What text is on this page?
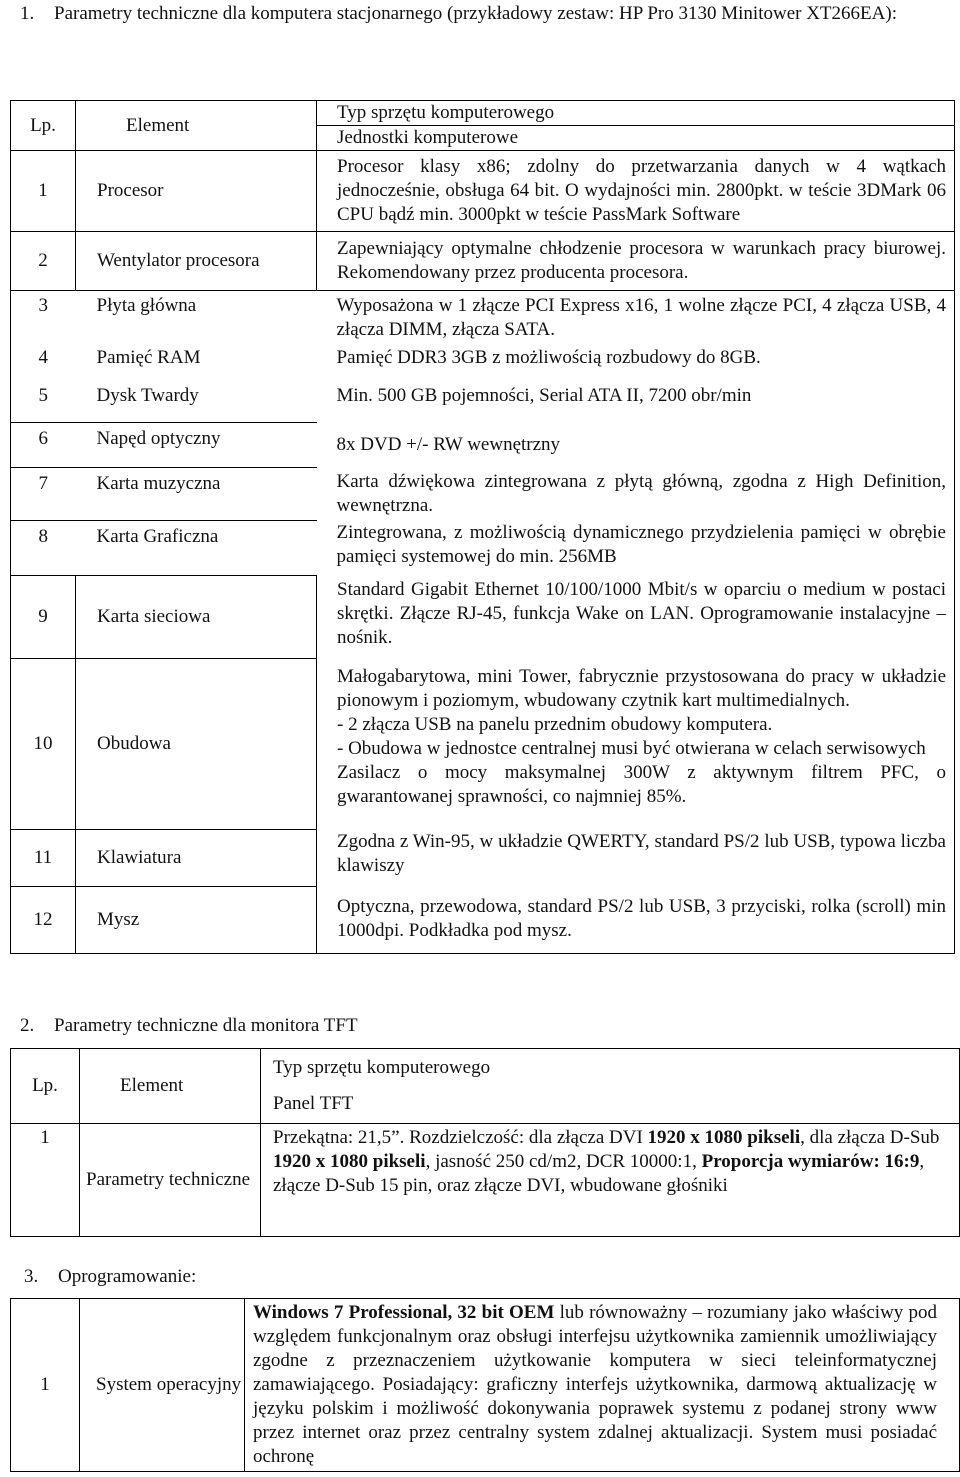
1. Parametry techniczne dla komputera stacjonarnego (przykładowy zestaw: HP Pro 3130 Minitower XT266EA):
Lp.	Element	Typ sprzętu komputerowego
		Jednostki komputerowe
1	Procesor	Procesor klasy x86; zdolny do przetwarzania danych w 4 wątkach jednocześnie, obsługa 64 bit. O wydajności min. 2800pkt. w teście 3DMark 06 CPU bądź min. 3000pkt w teście PassMark Software
2	Wentylator procesora	Zapewniający optymalne chłodzenie procesora w warunkach pracy biurowej. Rekomendowany przez producenta procesora.
3	Płyta główna	Wyposażona w 1 złącze PCI Express x16, 1 wolne złącze PCI, 4 złącza USB, 4 złącza DIMM, złącza SATA.
4	Pamięć RAM	Pamięć DDR3 3GB z możliwością rozbudowy do 8GB.
5	Dysk Twardy	Min. 500 GB pojemności, Serial ATA II, 7200 obr/min
6	Napęd optyczny	8x DVD +/- RW wewnętrzny
7	Karta muzyczna	Karta dźwiękowa zintegrowana z płytą główną, zgodna z High Definition, wewnętrzna.
8	Karta Graficzna	Zintegrowana, z możliwością dynamicznego przydzielenia pamięci w obrębie pamięci systemowej do min. 256MB
9	Karta sieciowa	Standard Gigabit Ethernet 10/100/1000 Mbit/s w oparciu o medium w postaci skrętki. Złącze RJ-45, funkcja Wake on LAN. Oprogramowanie instalacyjne – nośnik.
10	Obudowa	Małogabarytowa, mini Tower, fabrycznie przystosowana do pracy w układzie pionowym i poziomym, wbudowany czytnik kart multimedialnych.
- 2 złącza USB na panelu przednim obudowy komputera.
- Obudowa w jednostce centralnej musi być otwierana w celach serwisowych
Zasilacz o mocy maksymalnej 300W z aktywnym filtrem PFC, o gwarantowanej sprawności, co najmniej 85%.

11	Klawiatura	Zgodna z Win-95, w układzie QWERTY, standard PS/2 lub USB, typowa liczba klawiszy
12	Mysz	Optyczna, przewodowa, standard PS/2 lub USB, 3 przyciski, rolka (scroll) min 1000dpi. Podkładka pod mysz.
2. Parametry techniczne dla monitora TFT
Lp.	Element	Typ sprzętu komputerowego
		Panel TFT
1	Parametry techniczne	Przekątna: 21,5”. Rozdzielczość: dla złącza DVI 1920 x 1080 pikseli, dla złącza D-Sub 1920 x 1080 pikseli, jasność 250 cd/m2, DCR 10000:1, Proporcja wymiarów: 16:9, złącze D-Sub 15 pin, oraz złącze DVI, wbudowane głośniki
3. Oprogramowanie:
1	System operacyjny	Windows 7 Professional, 32 bit OEM lub równoważny – rozumiany jako właściwy pod względem funkcjonalnym oraz obsługi interfejsu użytkownika zamiennik umożliwiający zgodne z przeznaczeniem użytkowanie komputera w sieci teleinformatycznej zamawiającego. Posiadający: graficzny interfejs użytkownika, darmową aktualizację w języku polskim i możliwość dokonywania poprawek systemu z podanej strony www przez internet oraz przez centralny system zdalnej aktualizacji. System musi posiadać ochronę
